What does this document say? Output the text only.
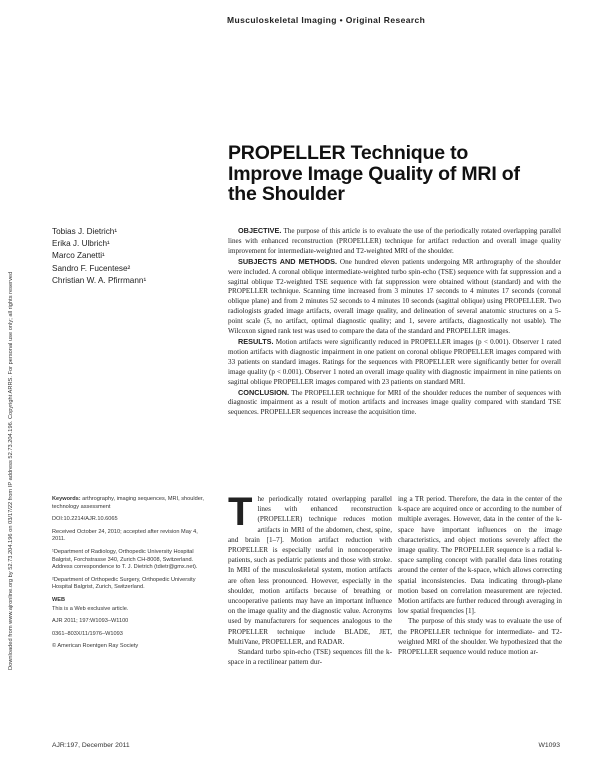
Downloaded from www.ajronline.org by 52.73.204.196 on 03/17/22 from IP address 52.73.204.196. Copyright ARRS. For personal use only; all rights reserved
Musculoskeletal Imaging • Original Research
PROPELLER Technique to Improve Image Quality of MRI of the Shoulder
Tobias J. Dietrich¹
Erika J. Ulbrich¹
Marco Zanetti¹
Sandro F. Fucentese²
Christian W. A. Pfirrmann¹

OBJECTIVE. The purpose of this article is to evaluate the use of the periodically rotated overlapping parallel lines with enhanced reconstruction (PROPELLER) technique for artifact reduction and overall image quality improvement for intermediate-weighted and T2-weighted MRI of the shoulder.

SUBJECTS AND METHODS. One hundred eleven patients undergoing MR arthrography of the shoulder were included. A coronal oblique intermediate-weighted turbo spin-echo (TSE) sequence with fat suppression and a sagittal oblique T2-weighted TSE sequence with fat suppression were obtained without (standard) and with the PROPELLER technique. Scanning time increased from 3 minutes 17 seconds to 4 minutes 17 seconds (coronal oblique plane) and from 2 minutes 52 seconds to 4 minutes 10 seconds (sagittal oblique) using PROPELLER. Two radiologists graded image artifacts, overall image quality, and delineation of several anatomic structures on a 5-point scale (5, no artifact, optimal diagnostic quality; and 1, severe artifacts, diagnostically not usable). The Wilcoxon signed rank test was used to compare the data of the standard and PROPELLER images.

RESULTS. Motion artifacts were significantly reduced in PROPELLER images (p < 0.001). Observer 1 rated motion artifacts with diagnostic impairment in one patient on coronal oblique PROPELLER images compared with 33 patients on standard images. Ratings for the sequences with PROPELLER were significantly better for overall image quality (p < 0.001). Observer 1 noted an overall image quality with diagnostic impairment in nine patients on sagittal oblique PROPELLER images compared with 23 patients on standard MRI.

CONCLUSION. The PROPELLER technique for MRI of the shoulder reduces the number of sequences with diagnostic impairment as a result of motion artifacts and increases image quality compared with standard TSE sequences. PROPELLER sequences increase the acquisition time.

Keywords: arthrography, imaging sequences, MRI, shoulder, technology assessment

DOI:10.2214/AJR.10.6065

Received October 24, 2010; accepted after revision May 4, 2011.

¹Department of Radiology, Orthopedic University Hospital Balgrist, Forchstrasse 340, Zurich CH-8008, Switzerland. Address correspondence to T. J. Dietrich (tdietr@gmx.net).

²Department of Orthopedic Surgery, Orthopedic University Hospital Balgrist, Zurich, Switzerland.

WEB

This is a Web exclusive article.

AJR 2011; 197:W1093–W1100

0361–803X/11/1976–W1093

© American Roentgen Ray Society

The periodically rotated overlapping parallel lines with enhanced reconstruction (PROPELLER) technique reduces motion artifacts in MRI of the abdomen, chest, spine, and brain [1–7]. Motion artifact reduction with PROPELLER is especially useful in noncooperative patients, such as pediatric patients and those with stroke. In MRI of the musculoskeletal system, motion artifacts are often less pronounced. However, especially in the shoulder, motion artifacts because of breathing or uncooperative patients may have an important influence on the image quality and the diagnostic value. Acronyms used by manufacturers for sequences analogous to the PROPELLER technique include BLADE, JET, MultiVane, PROPELLER, and RADAR.

Standard turbo spin-echo (TSE) sequences fill the k-space in a rectilinear pattern dur-

ing a TR period. Therefore, the data in the center of the k-space are acquired once or according to the number of multiple averages. However, data in the center of the k-space have important influences on the image characteristics, and object motions severely affect the image quality. The PROPELLER sequence is a radial k-space sampling concept with parallel data lines rotating around the center of the k-space, which allows correcting spatial inconsistencies. Data indicating through-plane motion based on correlation measurement are rejected. Motion artifacts are further reduced through averaging in low spatial frequencies [1].

The purpose of this study was to evaluate the use of the PROPELLER technique for intermediate- and T2-weighted MRI of the shoulder. We hypothesized that the PROPELLER sequence would reduce motion ar-

AJR:197, December 2011	W1093
